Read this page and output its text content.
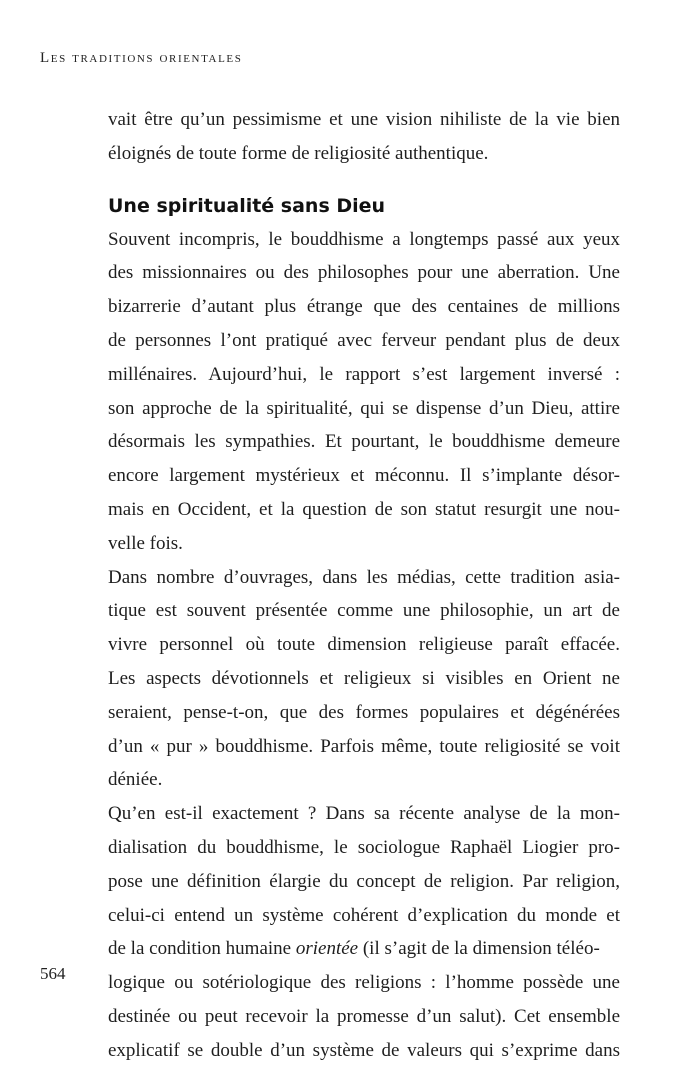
Les traditions orientales
vait être qu’un pessimisme et une vision nihiliste de la vie bien
éloignés de toute forme de religiosité authentique.
Une spiritualité sans Dieu
Souvent incompris, le bouddhisme a longtemps passé aux yeux
des missionnaires ou des philosophes pour une aberration. Une
bizarrerie d’autant plus étrange que des centaines de millions
de personnes l’ont pratiqué avec ferveur pendant plus de deux
millénaires. Aujourd’hui, le rapport s’est largement inversé :
son approche de la spiritualité, qui se dispense d’un Dieu, attire
désormais les sympathies. Et pourtant, le bouddhisme demeure
encore largement mystérieux et méconnu. Il s’implante désor-
mais en Occident, et la question de son statut resurgit une nou-
velle fois.
Dans nombre d’ouvrages, dans les médias, cette tradition asia-
tique est souvent présentée comme une philosophie, un art de
vivre personnel où toute dimension religieuse paraît effacée.
Les aspects dévotionnels et religieux si visibles en Orient ne
seraient, pense-t-on, que des formes populaires et dégénérées
d’un « pur » bouddhisme. Parfois même, toute religiosité se voit
déniée.
Qu’en est-il exactement ? Dans sa récente analyse de la mon-
dialisation du bouddhisme, le sociologue Raphaël Liogier pro-
pose une définition élargie du concept de religion. Par religion,
celui-ci entend un système cohérent d’explication du monde et
de la condition humaine orientée (il s’agit de la dimension téléo-
logique ou sotériologique des religions : l’homme possède une
destinée ou peut recevoir la promesse d’un salut). Cet ensemble
explicatif se double d’un système de valeurs qui s’exprime dans
564
